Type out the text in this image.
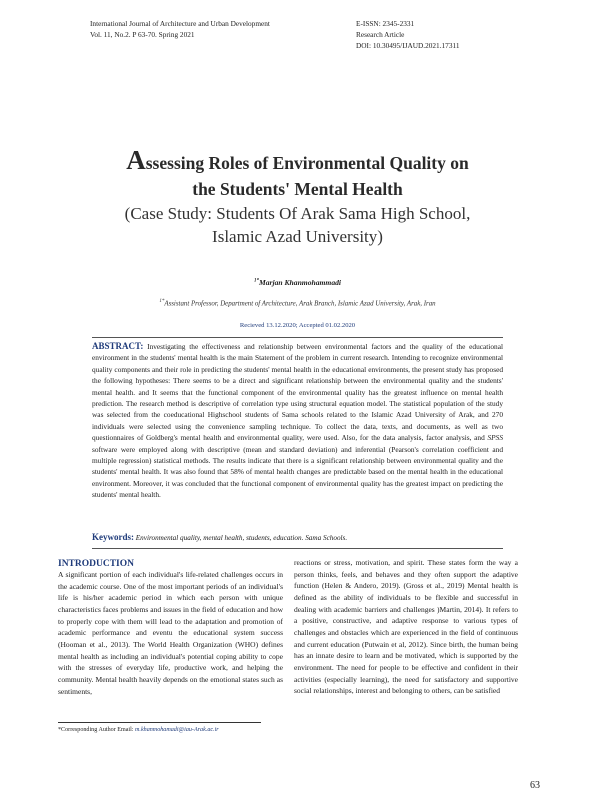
International Journal of Architecture and Urban Development
Vol. 11, No.2. P 63-70. Spring 2021
E-ISSN: 2345-2331
Research Article
DOI: 10.30495/IJAUD.2021.17311
Assessing Roles of Environmental Quality on
the Students' Mental Health
(Case Study: Students Of Arak Sama High School,
Islamic Azad University)
$^{1*}$Marjan Khanmohammadi
$^{1*}$Assistant Professor, Department of Architecture, Arak Branch, Islamic Azad University, Arak, Iran
Recieved 13.12.2020; Accepted 01.02.2020
ABSTRACT: Investigating the effectiveness and relationship between environmental factors and the quality of the educational environment in the students' mental health is the main Statement of the problem in current research. Intending to recognize environmental quality components and their role in predicting the students' mental health in the educational environments, the present study has proposed the following hypotheses: There seems to be a direct and significant relationship between the environmental quality and the students' mental health. and It seems that the functional component of the environmental quality has the greatest influence on mental health prediction. The research method is descriptive of correlation type using structural equation model. The statistical population of the study was selected from the coeducational Highschool students of Sama schools related to the Islamic Azad University of Arak, and 270 individuals were selected using the convenience sampling technique. To collect the data, texts, and documents, as well as two questionnaires of Goldberg's mental health and environmental quality, were used. Also, for the data analysis, factor analysis, and SPSS software were employed along with descriptive (mean and standard deviation) and inferential (Pearson's correlation coefficient and multiple regression) statistical methods. The results indicate that there is a significant relationship between environmental quality and the students' mental health. It was also found that 58% of mental health changes are predictable based on the mental health in the educational environment. Moreover, it was concluded that the functional component of environmental quality has the greatest impact on predicting the students' mental health.
Keywords: Environmental quality, mental health, students, education. Sama Schools.
INTRODUCTION
A significant portion of each individual's life-related challenges occurs in the academic course. One of the most important periods of an individual's life is his/her academic period in which each person with unique characteristics faces problems and issues in the field of education and how to properly cope with them will lead to the adaptation and promotion of academic performance and eventu the educational system success (Hooman et al., 2013). The World Health Organization (WHO) defines mental health as including an individual's potential coping ability to cope with the stresses of everyday life, productive work, and helping the community. Mental health heavily depends on the emotional states such as sentiments,
reactions or stress, motivation, and spirit. These states form the way a person thinks, feels, and behaves and they often support the adaptive function (Helen & Andero, 2019). (Gross et al., 2019) Mental health is defined as the ability of individuals to be flexible and successful in dealing with academic barriers and challenges )Martin, 2014). It refers to a positive, constructive, and adaptive response to various types of challenges and obstacles which are experienced in the field of continuous and current education (Putwain et al, 2012). Since birth, the human being has an innate desire to learn and be motivated, which is supported by the environment. The need for people to be effective and confident in their activities (especially learning), the need for satisfactory and supportive social relationships, interest and belonging to others, can be satisfied
*Corresponding Author Email: m.khanmohamadi@iau-Arak.ac.ir
63
